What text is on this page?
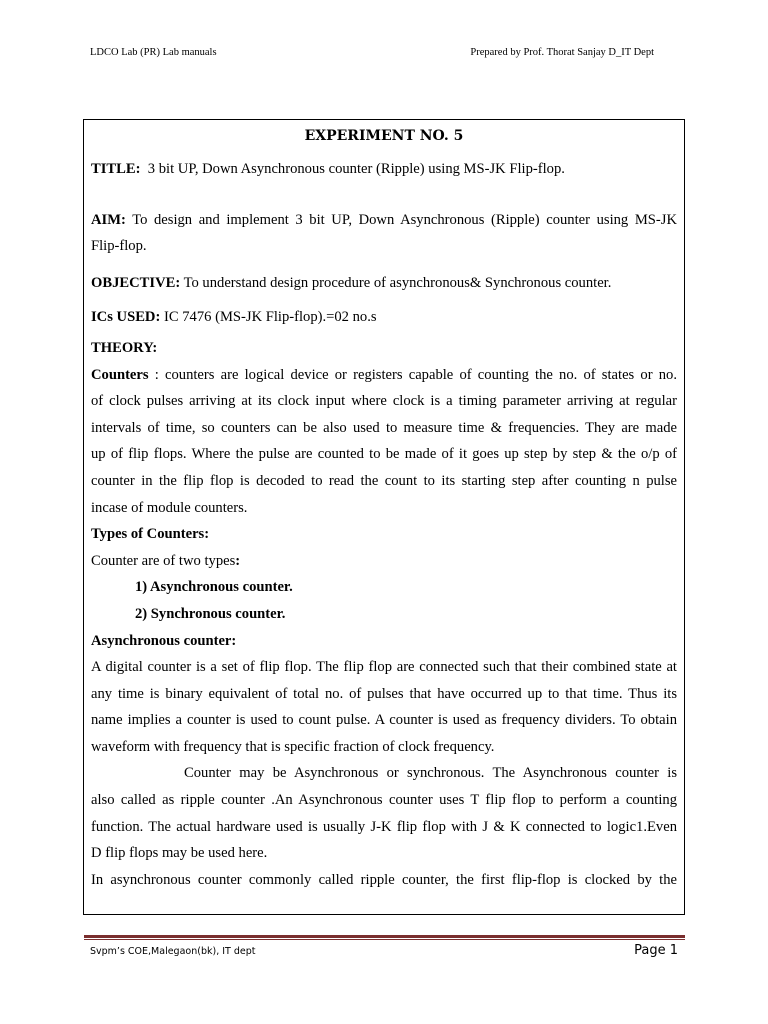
LDCO Lab (PR) Lab manuals	Prepared by Prof. Thorat Sanjay D_IT Dept
EXPERIMENT NO. 5

TITLE: 3 bit UP, Down Asynchronous counter (Ripple) using MS-JK Flip-flop.

AIM: To design and implement 3 bit UP, Down Asynchronous (Ripple) counter using MS-JK

Flip-flop.

OBJECTIVE: To understand design procedure of asynchronous& Synchronous counter.

ICs USED: IC 7476 (MS-JK Flip-flop).=02 no.s

THEORY:

Counters : counters are logical device or registers capable of counting the no. of states or no.

of clock pulses arriving at its clock input where clock is a timing parameter arriving at regular

intervals of time, so counters can be also used to measure time & frequencies. They are made

up of flip flops. Where the pulse are counted to be made of it goes up step by step & the o/p of

counter in the flip flop is decoded to read the count to its starting step after counting n pulse

incase of module counters.

Types of Counters:

Counter are of two types:

1) Asynchronous counter.

2) Synchronous counter.

Asynchronous counter:

A digital counter is a set of flip flop. The flip flop are connected such that their combined state at

any time is binary equivalent of total no. of pulses that have occurred up to that time. Thus its

name implies a counter is used to count pulse. A counter is used as frequency dividers. To obtain

waveform with frequency that is specific fraction of clock frequency.

Counter may be Asynchronous or synchronous. The Asynchronous counter is

also called as ripple counter .An Asynchronous counter uses T flip flop to perform a counting

function. The actual hardware used is usually J-K flip flop with J & K connected to logic1.Even

D flip flops may be used here.

In asynchronous counter commonly called ripple counter, the first flip-flop is clocked by the

Svpm’s COE,Malegaon(bk), IT dept	Page 1
